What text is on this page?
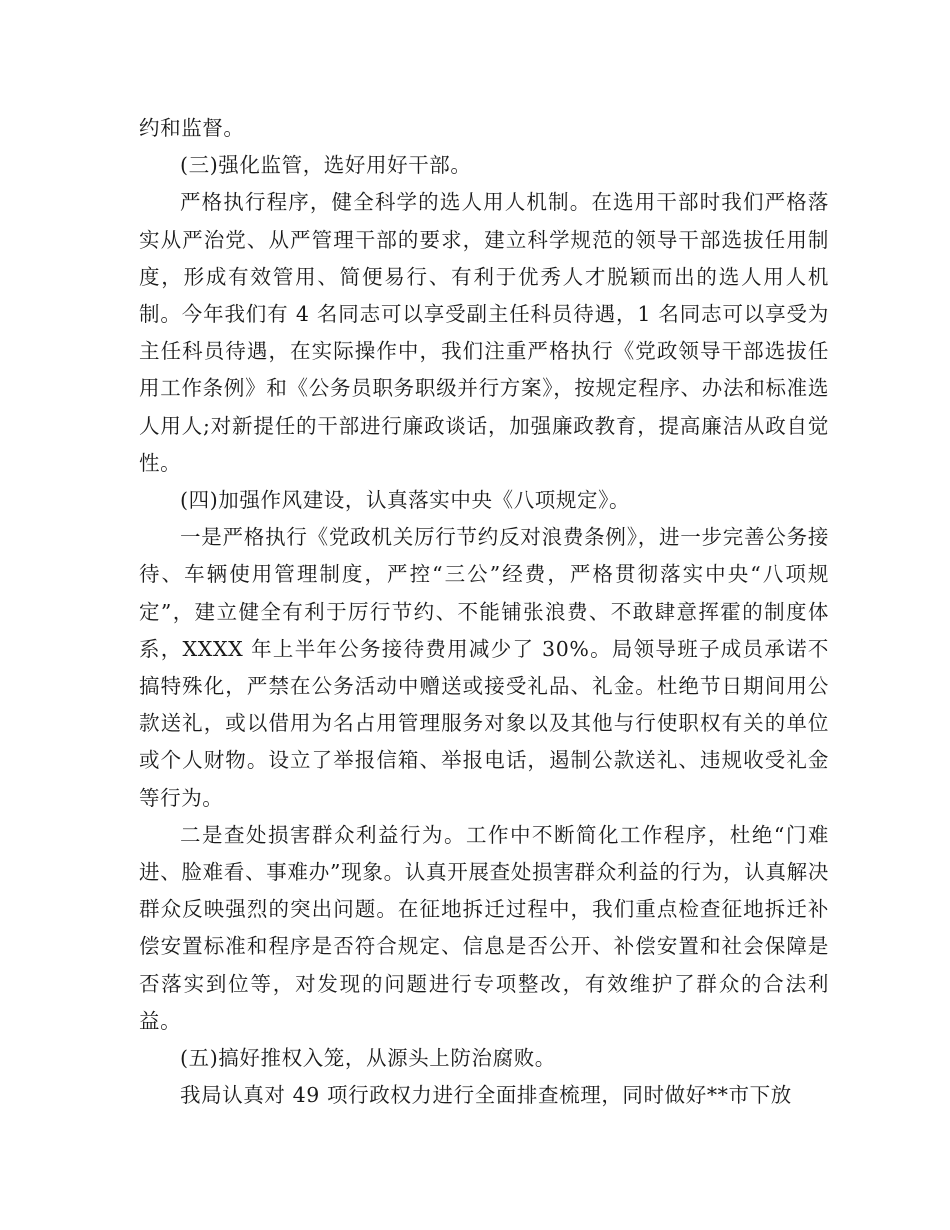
约和监督。

(三)强化监管，选好用好干部。

严格执行程序，健全科学的选人用人机制。在选用干部时我们严格落实从严治党、从严管理干部的要求，建立科学规范的领导干部选拔任用制度，形成有效管用、简便易行、有利于优秀人才脱颖而出的选人用人机制。今年我们有 4 名同志可以享受副主任科员待遇，1 名同志可以享受为主任科员待遇，在实际操作中，我们注重严格执行《党政领导干部选拔任用工作条例》和《公务员职务职级并行方案》，按规定程序、办法和标准选人用人;对新提任的干部进行廉政谈话，加强廉政教育，提高廉洁从政自觉性。

(四)加强作风建设，认真落实中央《八项规定》。

一是严格执行《党政机关厉行节约反对浪费条例》，进一步完善公务接待、车辆使用管理制度，严控“三公”经费，严格贯彻落实中央“八项规定”，建立健全有利于厉行节约、不能铺张浪费、不敢肆意挥霍的制度体系，XXXX 年上半年公务接待费用减少了 30%。局领导班子成员承诺不搞特殊化，严禁在公务活动中赠送或接受礼品、礼金。杜绝节日期间用公款送礼，或以借用为名占用管理服务对象以及其他与行使职权有关的单位或个人财物。设立了举报信箱、举报电话，遏制公款送礼、违规收受礼金等行为。

二是查处损害群众利益行为。工作中不断简化工作程序，杜绝“门难进、脸难看、事难办”现象。认真开展查处损害群众利益的行为，认真解决群众反映强烈的突出问题。在征地拆迁过程中，我们重点检查征地拆迁补偿安置标准和程序是否符合规定、信息是否公开、补偿安置和社会保障是否落实到位等，对发现的问题进行专项整改，有效维护了群众的合法利益。

(五)搞好推权入笼，从源头上防治腐败。

我局认真对 49 项行政权力进行全面排查梳理，同时做好**市下放
